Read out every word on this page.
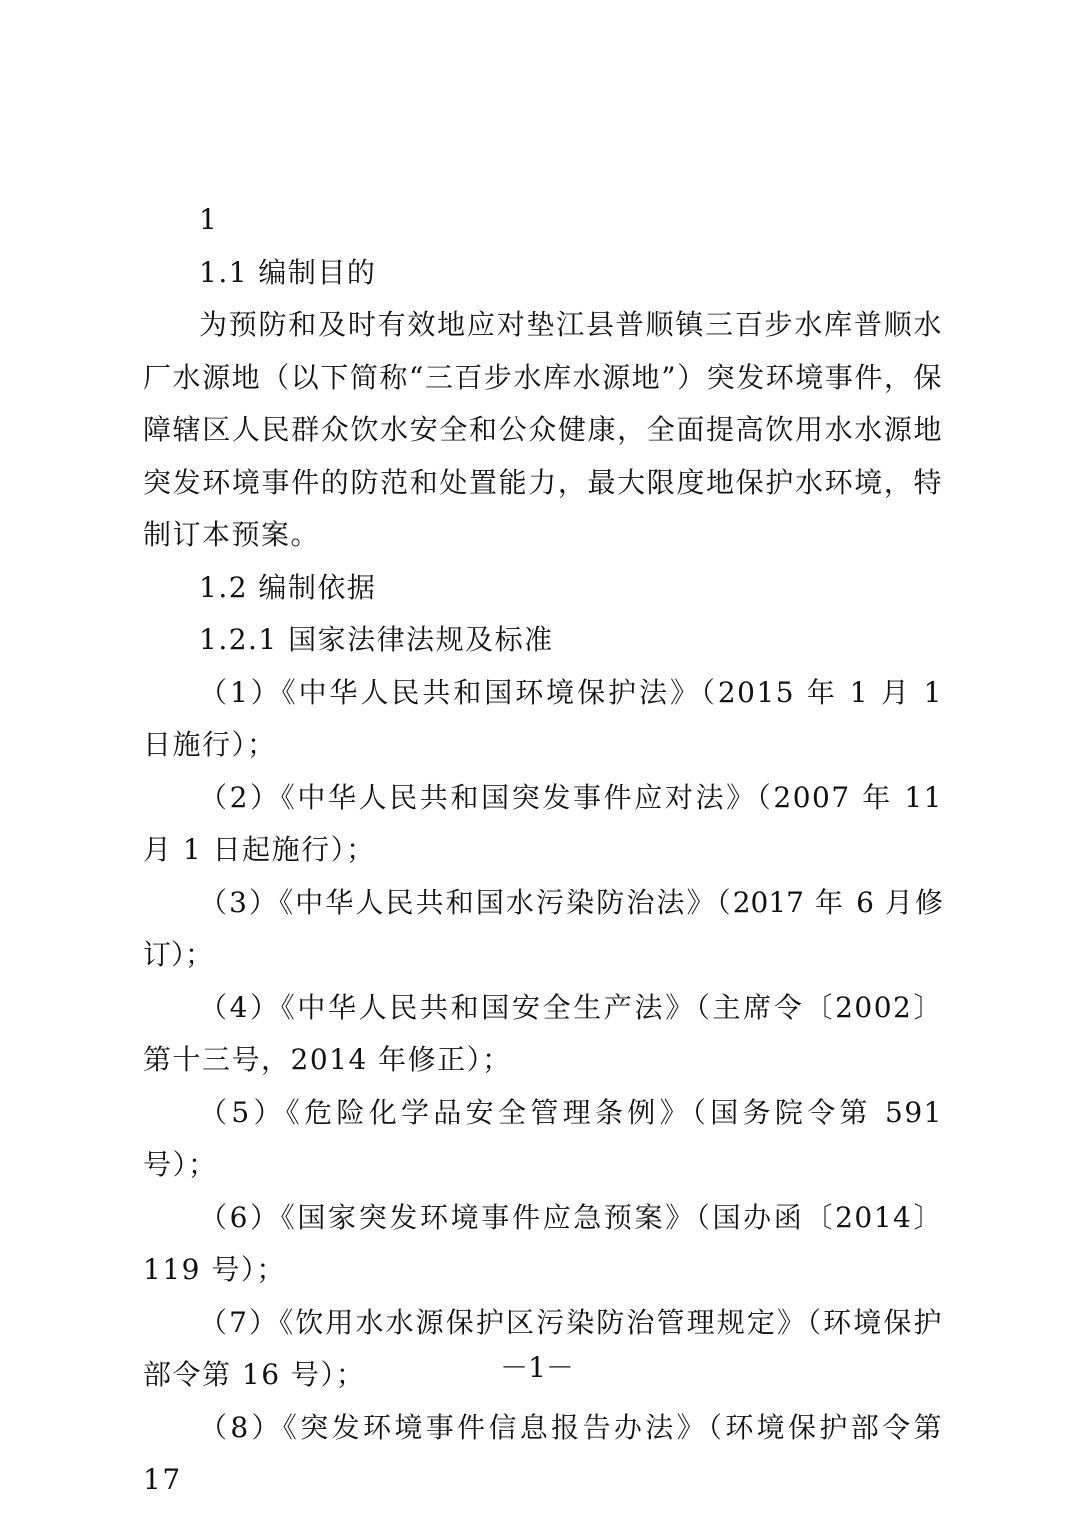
1

1.1 编制目的

为预防和及时有效地应对垫江县普顺镇三百步水库普顺水厂水源地（以下简称“三百步水库水源地”）突发环境事件，保障辖区人民群众饮水安全和公众健康，全面提高饮用水水源地突发环境事件的防范和处置能力，最大限度地保护水环境，特制订本预案。

1.2 编制依据

1.2.1 国家法律法规及标准

（1）《中华人民共和国环境保护法》（2015 年 1 月 1 日施行）；

（2）《中华人民共和国突发事件应对法》（2007 年 11 月 1 日起施行）；

（3）《中华人民共和国水污染防治法》（2017 年 6 月修订）；

（4）《中华人民共和国安全生产法》（主席令〔2002〕第十三号，2014 年修正）；

（5）《危险化学品安全管理条例》（国务院令第 591 号）；

（6）《国家突发环境事件应急预案》（国办函〔2014〕119 号）；

（7）《饮用水水源保护区污染防治管理规定》（环境保护部令第 16 号）；

（8）《突发环境事件信息报告办法》（环境保护部令第 17

－1－
